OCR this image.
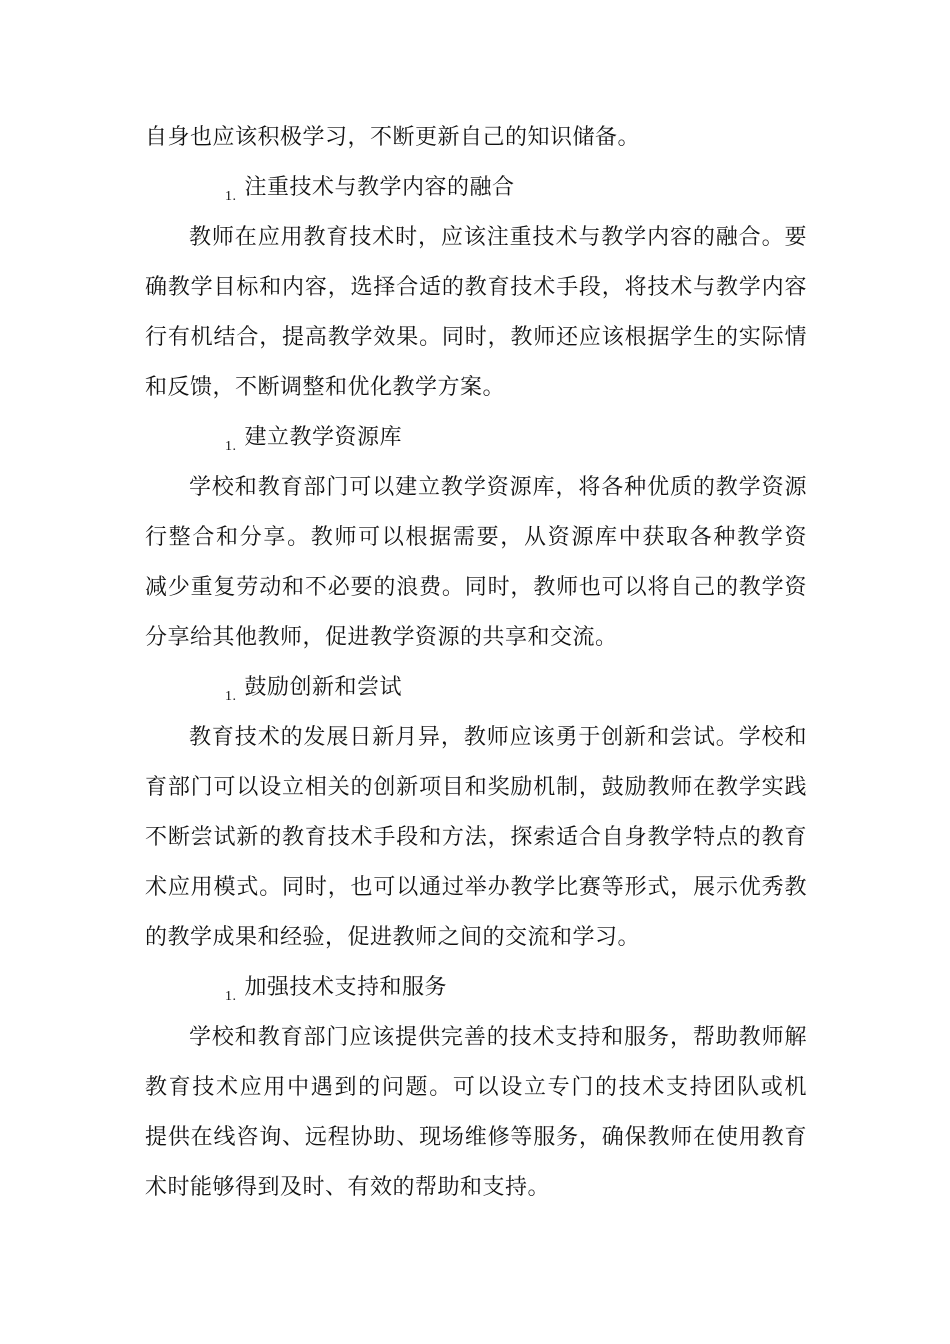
自身也应该积极学习，不断更新自己的知识储备。
1. 注重技术与教学内容的融合
教师在应用教育技术时，应该注重技术与教学内容的融合。要
确教学目标和内容，选择合适的教育技术手段，将技术与教学内容
行有机结合，提高教学效果。同时，教师还应该根据学生的实际情
和反馈，不断调整和优化教学方案。
1. 建立教学资源库
学校和教育部门可以建立教学资源库，将各种优质的教学资源
行整合和分享。教师可以根据需要，从资源库中获取各种教学资
减少重复劳动和不必要的浪费。同时，教师也可以将自己的教学资
分享给其他教师，促进教学资源的共享和交流。
1. 鼓励创新和尝试
教育技术的发展日新月异，教师应该勇于创新和尝试。学校和
育部门可以设立相关的创新项目和奖励机制，鼓励教师在教学实践
不断尝试新的教育技术手段和方法，探索适合自身教学特点的教育
术应用模式。同时，也可以通过举办教学比赛等形式，展示优秀教
的教学成果和经验，促进教师之间的交流和学习。
1. 加强技术支持和服务
学校和教育部门应该提供完善的技术支持和服务，帮助教师解
教育技术应用中遇到的问题。可以设立专门的技术支持团队或机
提供在线咨询、远程协助、现场维修等服务，确保教师在使用教育
术时能够得到及时、有效的帮助和支持。
